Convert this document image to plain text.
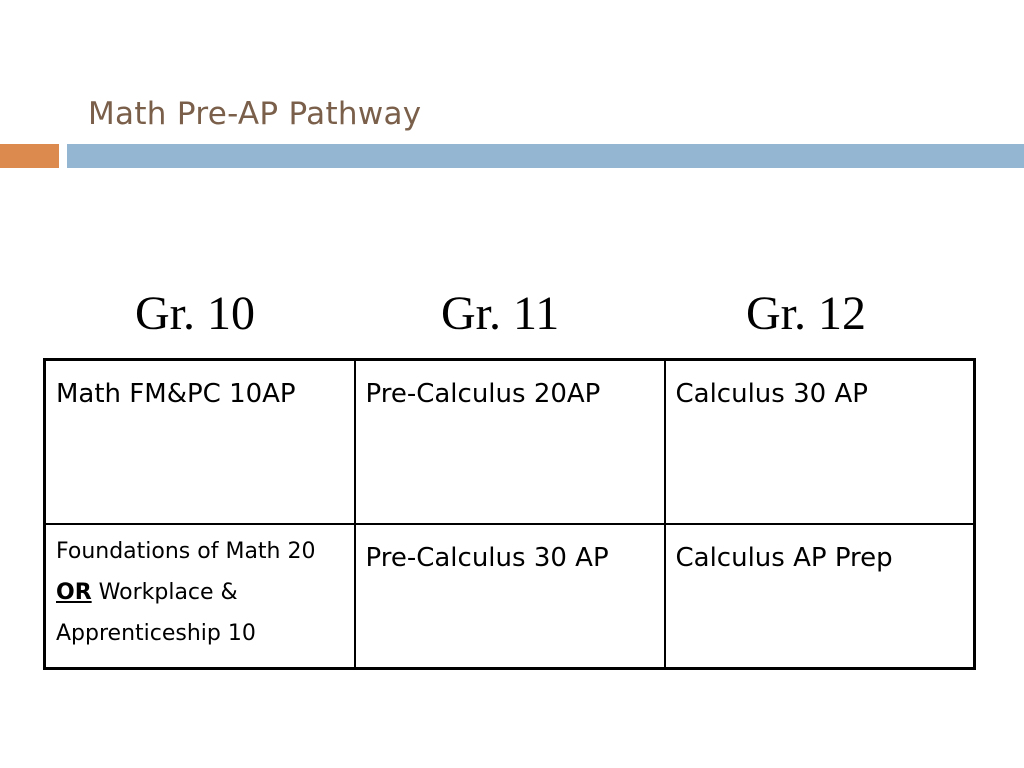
Math Pre-AP Pathway
Gr. 10	Gr. 11	Gr. 12
Math FM&PC 10AP	Pre-Calculus 20AP	Calculus 30 AP

Foundations of Math 20 OR Workplace & Apprenticeship 10	Pre-Calculus 30 AP	Calculus AP Prep
